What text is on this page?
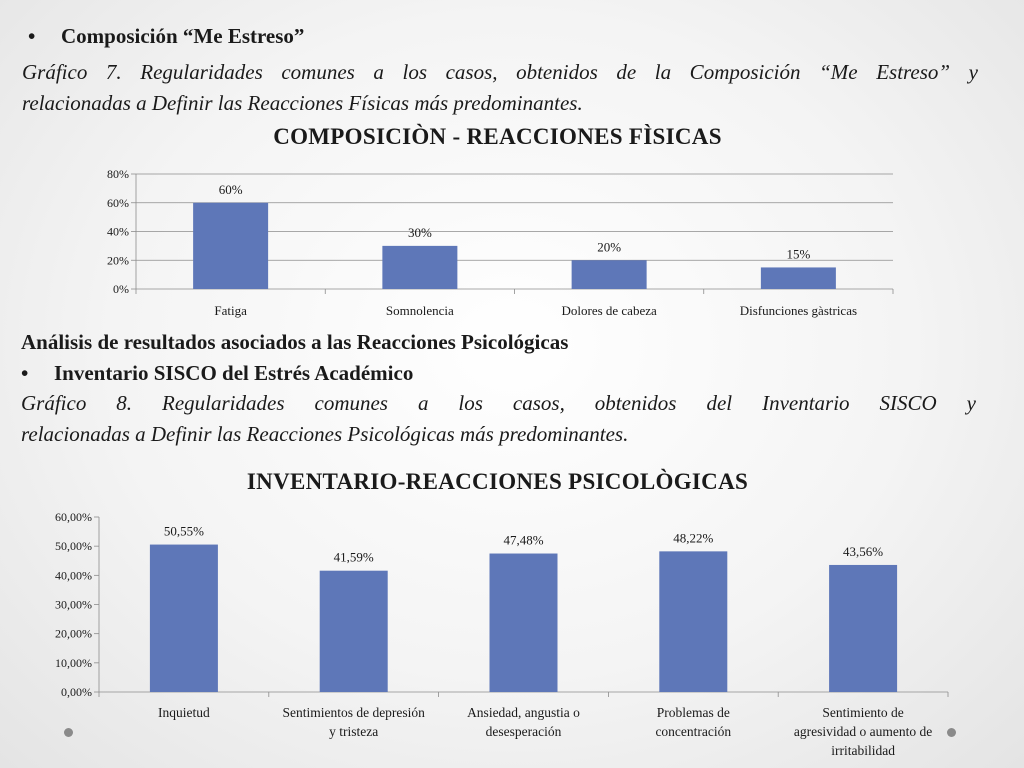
• Composición “Me Estreso”
Gráfico 7. Regularidades comunes a los casos, obtenidos de la Composición “Me Estreso” y
relacionadas a Definir las Reacciones Físicas más predominantes.
COMPOSICIÒN - REACCIONES FÌSICAS
0%
20%
40%
60%
80%
60%
Fatiga
30%
Somnolencia
20%
Dolores de cabeza
15%
Disfunciones gàstricas
Análisis de resultados asociados a las Reacciones Psicológicas
• Inventario SISCO del Estrés Académico
Gráfico 8. Regularidades comunes a los casos, obtenidos del Inventario SISCO y
relacionadas a Definir las Reacciones Psicológicas más predominantes.
INVENTARIO-REACCIONES PSICOLÒGICAS
0,00%
10,00%
20,00%
30,00%
40,00%
50,00%
60,00%
50,55%
Inquietud
41,59%
Sentimientos de depresión
y tristeza
47,48%
Ansiedad, angustia o
desesperación
48,22%
Problemas de
concentración
43,56%
Sentimiento de
agresividad o aumento de
irritabilidad
